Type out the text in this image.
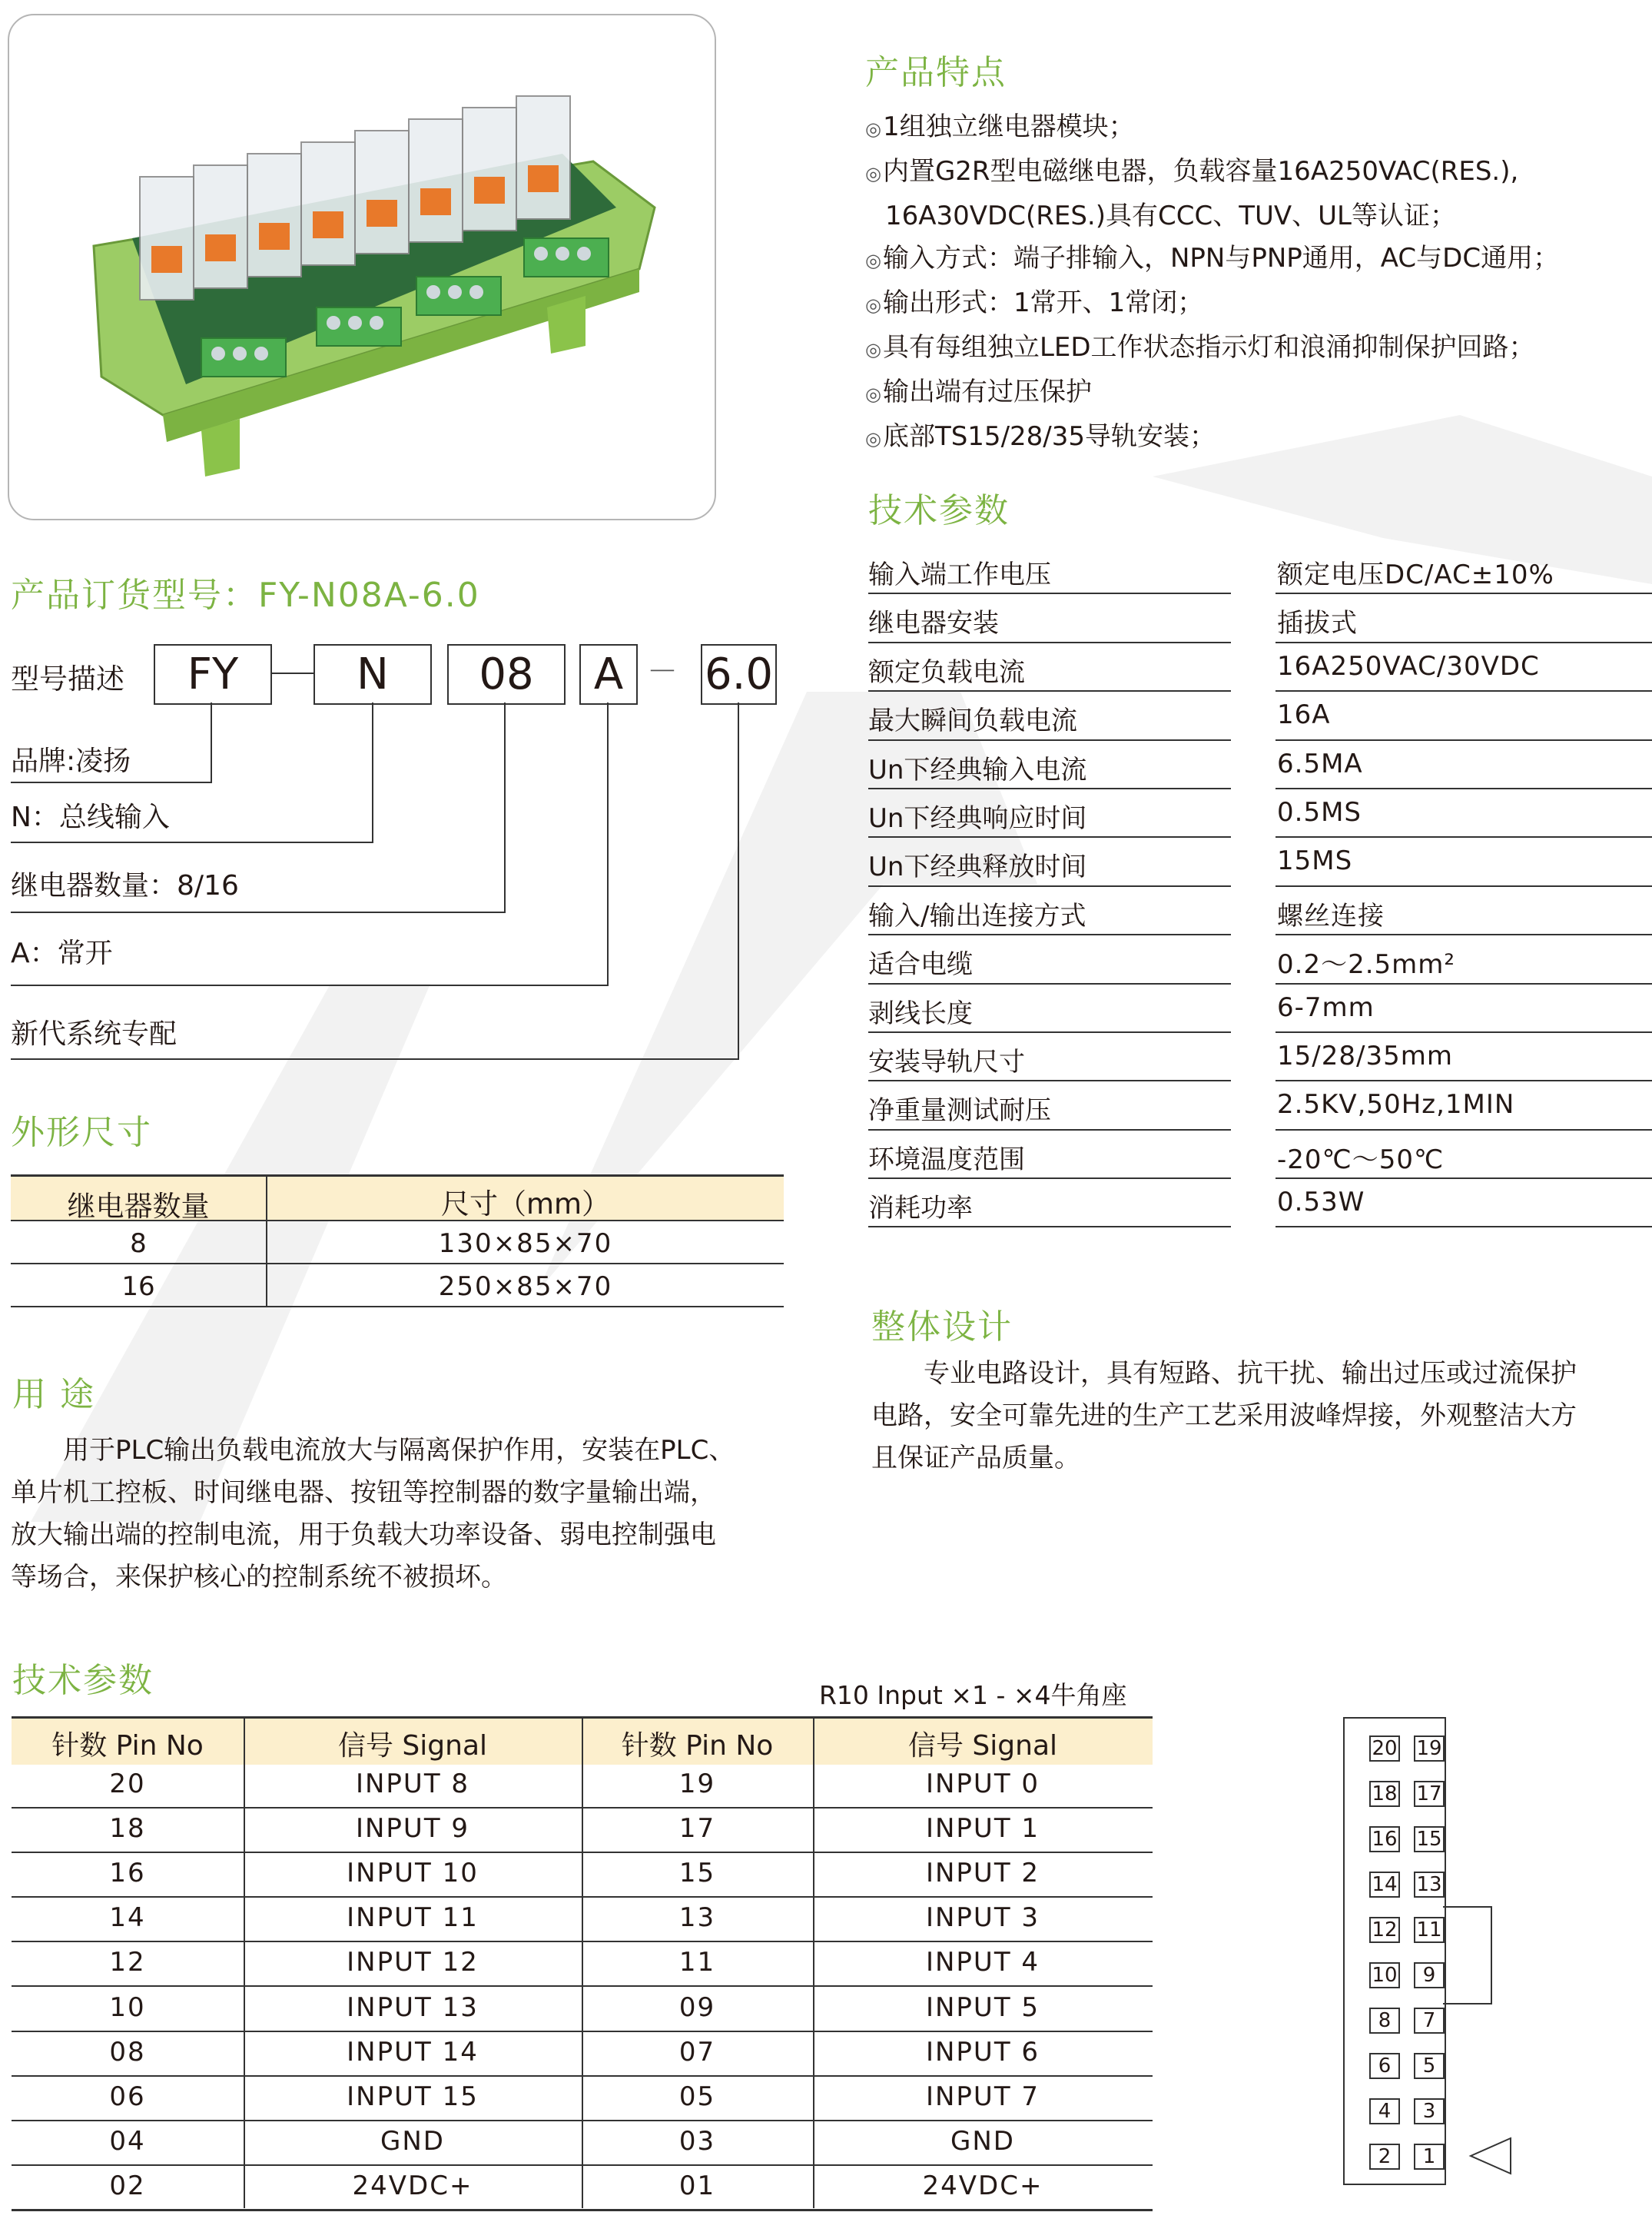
产品特点
◎1组独立继电器模块；
◎内置G2R型电磁继电器，负载容量16A250VAC(RES.),
16A30VDC(RES.)具有CCC、TUV、UL等认证；
◎输入方式：端子排输入，NPN与PNP通用，AC与DC通用；
◎输出形式：1常开、1常闭；
◎具有每组独立LED工作状态指示灯和浪涌抑制保护回路；
◎输出端有过压保护
◎底部TS15/28/35导轨安装；
技术参数
输入端工作电压	额定电压DC/AC±10%
继电器安装	插拔式
额定负载电流	16A250VAC/30VDC
最大瞬间负载电流	16A
Un下经典输入电流	6.5MA
Un下经典响应时间	0.5MS
Un下经典释放时间	15MS
输入/输出连接方式	螺丝连接
适合电缆	0.2～2.5mm²
剥线长度	6-7mm
安装导轨尺寸	15/28/35mm
净重量测试耐压	2.5KV,50Hz,1MIN
环境温度范围	-20℃～50℃
消耗功率	0.53W
产品订货型号：FY-N08A-6.0
型号描述	FY	N	08	A － 6.0
品牌:凌扬
N：总线输入
继电器数量：8/16
A：常开
新代系统专配
外形尺寸
继电器数量	尺寸（mm）
8	130×85×70
16	250×85×70
用 途
　　用于PLC输出负载电流放大与隔离保护作用，安装在PLC、
单片机工控板、时间继电器、按钮等控制器的数字量输出端，
放大输出端的控制电流，用于负载大功率设备、弱电控制强电
等场合，来保护核心的控制系统不被损坏。
整体设计
　　专业电路设计，具有短路、抗干扰、输出过压或过流保护
电路，安全可靠先进的生产工艺采用波峰焊接，外观整洁大方
且保证产品质量。
技术参数	R10 Input ×1 - ×4牛角座
针数 Pin No	信号 Signal	针数 Pin No	信号 Signal
20	INPUT 8	19	INPUT 0
18	INPUT 9	17	INPUT 1
16	INPUT 10	15	INPUT 2
14	INPUT 11	13	INPUT 3
12	INPUT 12	11	INPUT 4
10	INPUT 13	09	INPUT 5
08	INPUT 14	07	INPUT 6
06	INPUT 15	05	INPUT 7
04	GND	03	GND
02	24VDC+	01	24VDC+
20 19
18 17
16 15
14 13
12 11
10	9
8	7
6	5
4	3
2	1
